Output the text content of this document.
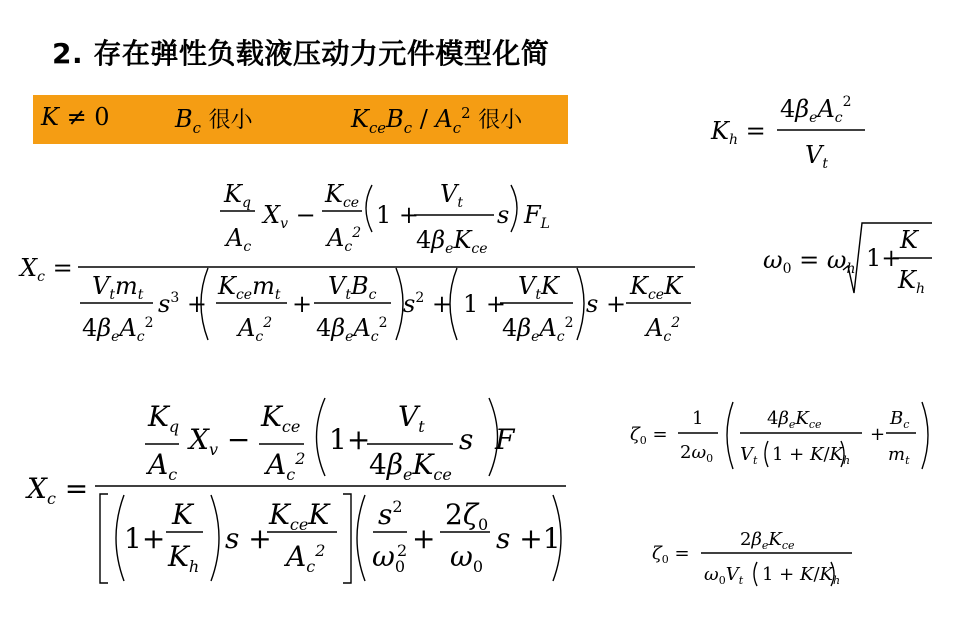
2. 存在弹性负载液压动力元件模型化简
K ≠ 0	$B_c$ 很小	$K_{ce}B_c / A_c^2$ 很小	$K_h$ =
$4\beta_eA_c^2$
$V_t$
$X_c$ =
$K_q$
$A_c$
$X_v$ −
$K_{ce}$
$A_c^2$
1 +
$V_t$
$4\beta_eK_{ce}$
s $F_L$
$V_tm_t$
$4\beta_eA_c^2$
$s^3$ +
$K_{ce}m_t$
$A_c^2$
+
$V_tB_c$
$4\beta_eA_c^2$
$s^2 + 1$ +
$V_tK$
$4\beta_eA_c^2$
s +
$K_{ce}K$
$A_c^2$
$\omega_0 = \omega_h$ 1+
K
$K_h$
$X_c$ =
$K_q$
$A_c$
$X_v$ −
$K_{ce}$
$A_c^2$
1+
$V_t$
$4\beta_eK_{ce}$
s F
1+
K
$K_h$
s +
$K_{ce}K$
$A_c^2$
$s^2$
$\omega_02$ +
$2\zeta_0$
$\omega_0$
s +1
$\zeta_0$ =
1
$2\omega_0$
$4\beta_eK_{ce}$
$V_t$ $1 + K/K_h$
+
$B_c$
$m_t$
$\zeta_0$ =
$2\beta_eK_{ce}$
$\omega_0V_t$ $1 + K/K_h$
